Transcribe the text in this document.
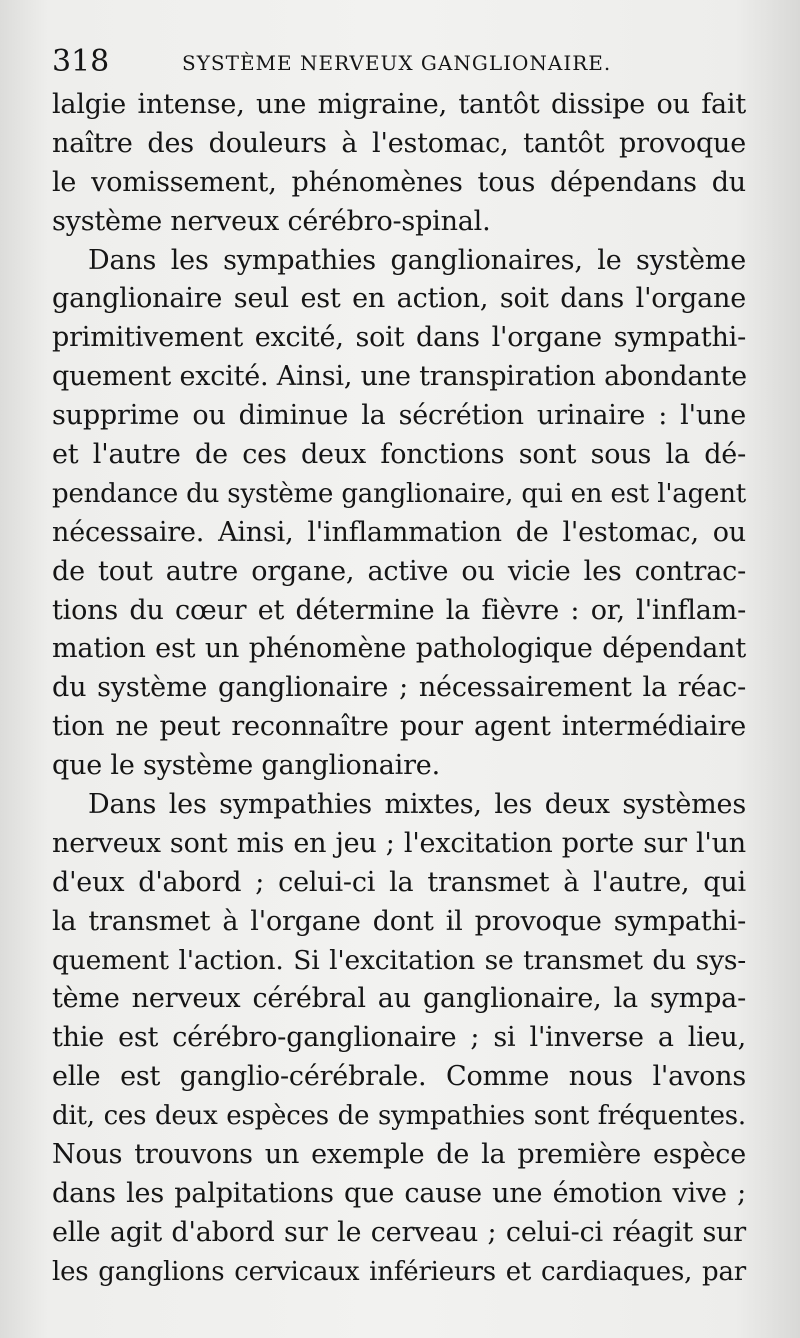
318	SYSTÈME NERVEUX GANGLIONAIRE.
lalgie intense, une migraine, tantôt dissipe ou fait
naître des douleurs à l'estomac, tantôt provoque
le vomissement, phénomènes tous dépendans du
système nerveux cérébro-spinal.
Dans les sympathies ganglionaires, le système
ganglionaire seul est en action, soit dans l'organe
primitivement excité, soit dans l'organe sympathi-
quement excité. Ainsi, une transpiration abondante
supprime ou diminue la sécrétion urinaire : l'une
et l'autre de ces deux fonctions sont sous la dé-
pendance du système ganglionaire, qui en est l'agent
nécessaire. Ainsi, l'inflammation de l'estomac, ou
de tout autre organe, active ou vicie les contrac-
tions du cœur et détermine la fièvre : or, l'inflam-
mation est un phénomène pathologique dépendant
du système ganglionaire ; nécessairement la réac-
tion ne peut reconnaître pour agent intermédiaire
que le système ganglionaire.
Dans les sympathies mixtes, les deux systèmes
nerveux sont mis en jeu ; l'excitation porte sur l'un
d'eux d'abord ; celui-ci la transmet à l'autre, qui
la transmet à l'organe dont il provoque sympathi-
quement l'action. Si l'excitation se transmet du sys-
tème nerveux cérébral au ganglionaire, la sympa-
thie est cérébro-ganglionaire ; si l'inverse a lieu,
elle est ganglio-cérébrale. Comme nous l'avons
dit, ces deux espèces de sympathies sont fréquentes.
Nous trouvons un exemple de la première espèce
dans les palpitations que cause une émotion vive ;
elle agit d'abord sur le cerveau ; celui-ci réagit sur
les ganglions cervicaux inférieurs et cardiaques, par
